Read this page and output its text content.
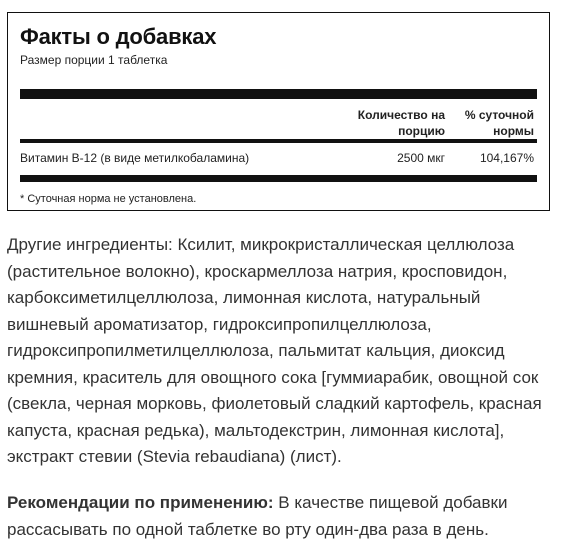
Факты о добавках
Размер порции 1 таблетка
Количество на
порцию
% суточной
нормы
Витамин B-12 (в виде метилкобаламина)	2500 мкг	104,167%
* Суточная норма не установлена.

Другие ингредиенты: Ксилит, микрокристаллическая целлюлоза (растительное волокно), кроскармеллоза натрия, кросповидон, карбоксиметилцеллюлоза, лимонная кислота, натуральный вишневый ароматизатор, гидроксипропилцеллюлоза, гидроксипропилметилцеллюлоза, пальмитат кальция, диоксид кремния, краситель для овощного сока [гуммиарабик, овощной сок (свекла, черная морковь, фиолетовый сладкий картофель, красная капуста, красная редька), мальтодекстрин, лимонная кислота], экстракт стевии (Stevia rebaudiana) (лист).

Рекомендации по применению: В качестве пищевой добавки рассасывать по одной таблетке во рту один-два раза в день.
